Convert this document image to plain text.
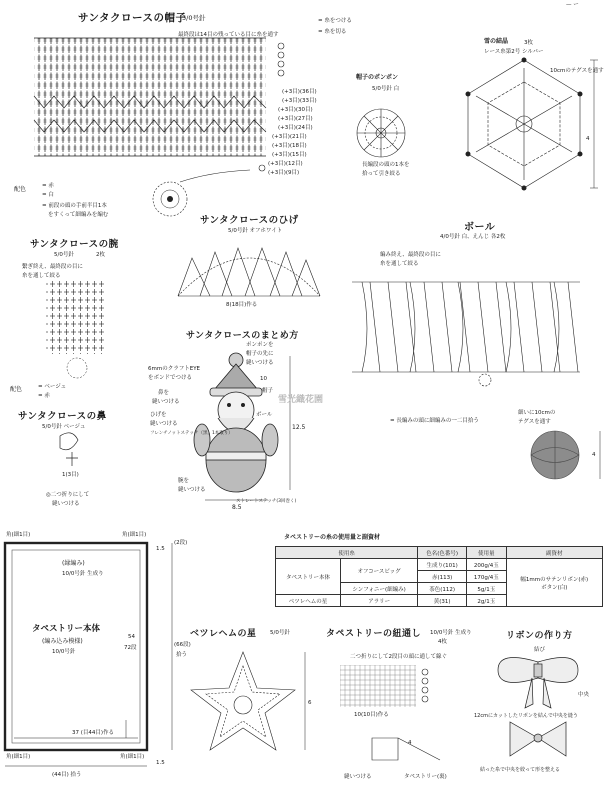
— ー
サンタクロースの帽子
5/0号針
最終段は14目の残っている目に糸を通す
= 糸をつける
= 糸を切る
(+3目)(36目)
(+3目)(33目)
(+3目)(30目)
(+3目)(27目)
(+3目)(24目)
(+3目)(21目)
(+3目)(18目)
(+3目)(15目)
(+3目)(12目)
(+3目)(9目)
配色	= 赤
= 白
= 前段の頭の手前半目1本
をすくって細編みを編む
帽子のポンポン
5/0号針 白
長編段の頭の1本を
拾って引き絞る
雪の結晶	3枚
レース糸第2号 シルバー
10cmのテグスを通す
4
サンタクロースのひげ
5/0号針 オフホワイト
8(18目)作る
サンタクロースの腕
5/0号針	2枚
繫ぎ終え、最終段の目に
糸を通して絞る
配色	= ベージュ
= 赤
サンタクロースの鼻
5/0号針 ベージュ
1(3目)
◎二つ折りにして
縫いつける
サンタクロースのまとめ方
ポンポンを
帽子の先に
縫いつける
6mmのクラフトEYE
をボンドでつける	10
帽子
鼻を
縫いつける
ひげを
縫いつける
腕を
縫いつける
ボール
ストレートステッチ(3回巻く)
フレンチノットステッチ（黒、1本取り）
12.5
8.5
雪光織花園
ボール
4/0号針 白、えんじ 各2枚
編み終え、最終段の目に
糸を通して絞る
= 長編みの頭に細編みの一二目拾う
細いに10cmの
テグスを通す
4
角(細1目)	角(細1目)
角(細1目)	角(細1目)
(縁編み)
10/0号針 生成り
タペストリー本体
(編み込み模様)
10/0号針
54
72段
37 (目44目)作る
(44目) 拾う
1.5
1.5
(2段)
(66段)
拾う
タペストリーの糸の使用量と副資材
使用糸		色名(色番号)	使用量	副資材
タペストリー本体	オフコースビッグ	生成り(101)	200g/4玉	幅1mmのサテンリボン(赤)
ボタン(白)
		赤(113)	170g/4玉	
	シンフォニー(細編み)	茶色(112)	5g/1玉	
ベツレヘムの星	アラリー	黄(31)	2g/1玉	
ベツレヘムの星 5/0号針
6
タペストリーの紐通し 10/0号針 生成り
4枚
二つ折りにして2段目の頭に通して線ぐ
10(10目)作る
縫いつける	タペストリー(裏)
4
リボンの作り方
結び
12cmにカットしたリボンを結んで中央を縫う
結った糸で中央を絞って形を整える
中央
